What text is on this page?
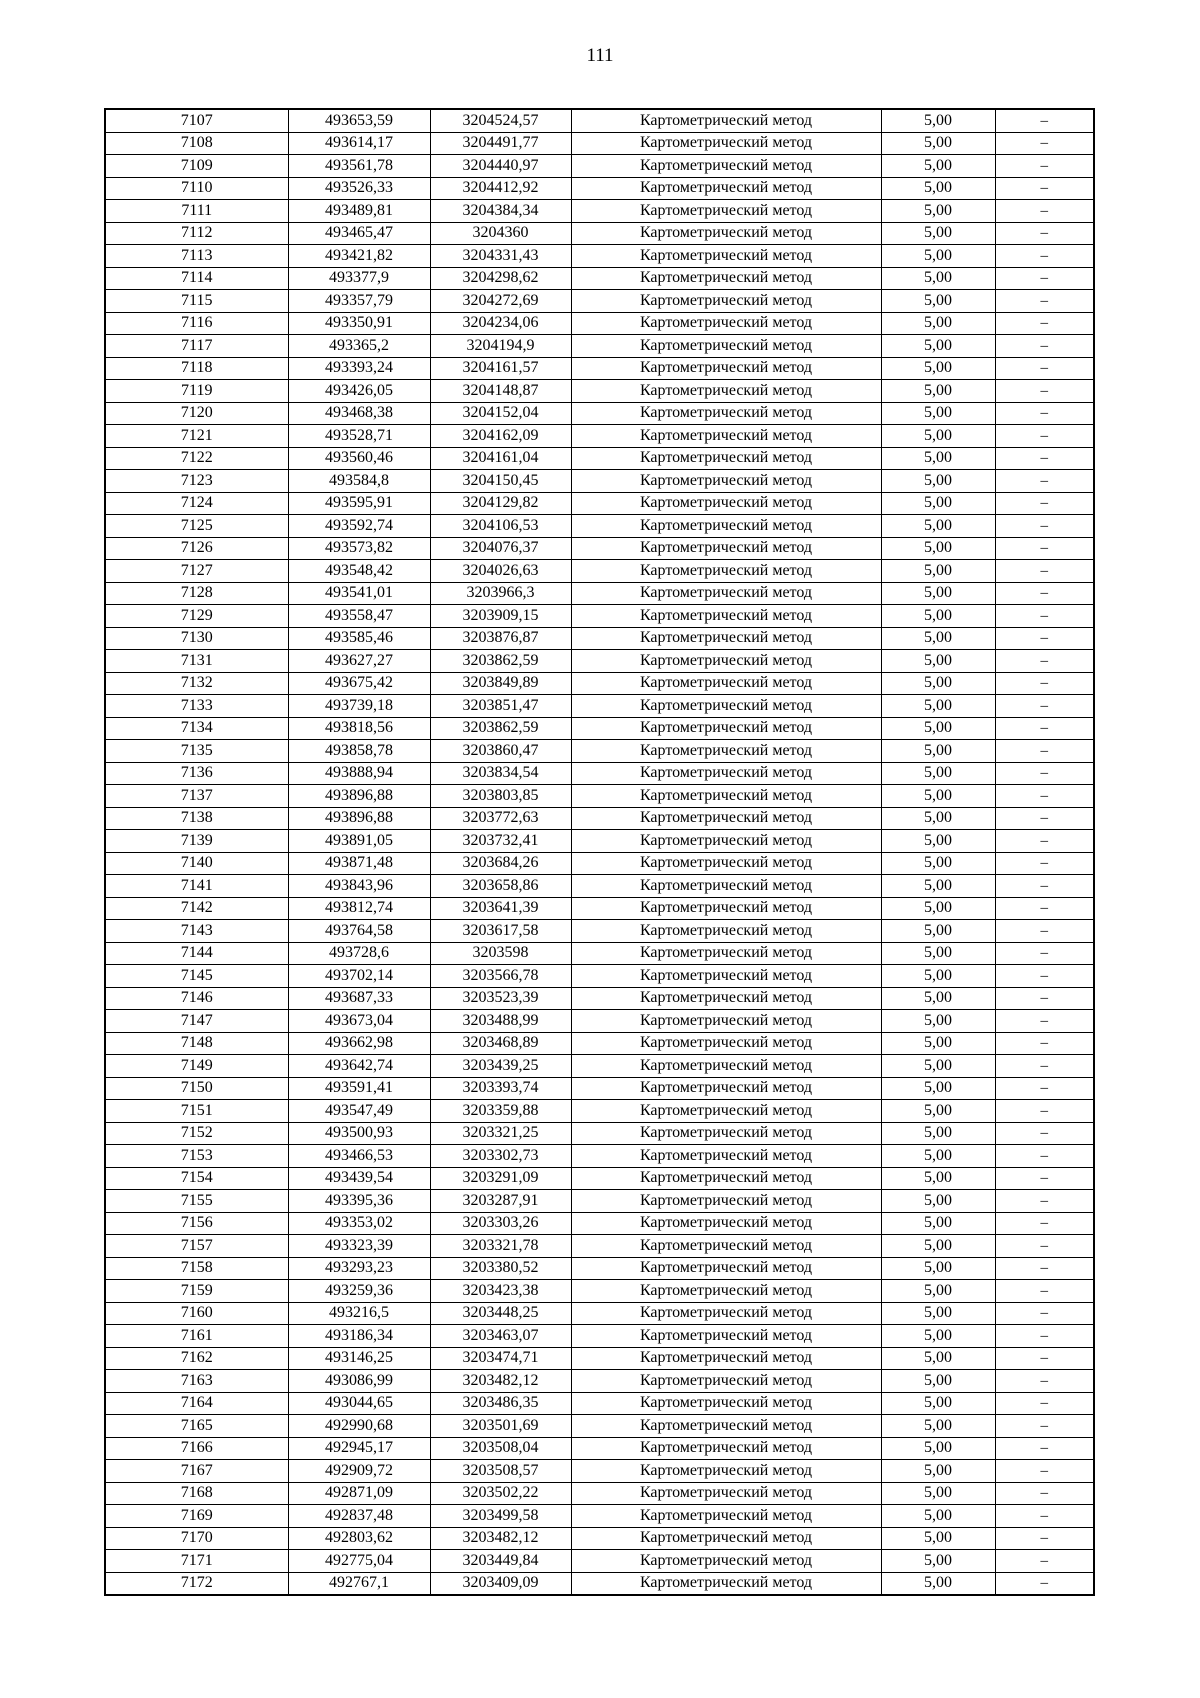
111
7107	493653,59	3204524,57	Картометрический метод	5,00	–
7108	493614,17	3204491,77	Картометрический метод	5,00	–
7109	493561,78	3204440,97	Картометрический метод	5,00	–
7110	493526,33	3204412,92	Картометрический метод	5,00	–
7111	493489,81	3204384,34	Картометрический метод	5,00	–
7112	493465,47	3204360	Картометрический метод	5,00	–
7113	493421,82	3204331,43	Картометрический метод	5,00	–
7114	493377,9	3204298,62	Картометрический метод	5,00	–
7115	493357,79	3204272,69	Картометрический метод	5,00	–
7116	493350,91	3204234,06	Картометрический метод	5,00	–
7117	493365,2	3204194,9	Картометрический метод	5,00	–
7118	493393,24	3204161,57	Картометрический метод	5,00	–
7119	493426,05	3204148,87	Картометрический метод	5,00	–
7120	493468,38	3204152,04	Картометрический метод	5,00	–
7121	493528,71	3204162,09	Картометрический метод	5,00	–
7122	493560,46	3204161,04	Картометрический метод	5,00	–
7123	493584,8	3204150,45	Картометрический метод	5,00	–
7124	493595,91	3204129,82	Картометрический метод	5,00	–
7125	493592,74	3204106,53	Картометрический метод	5,00	–
7126	493573,82	3204076,37	Картометрический метод	5,00	–
7127	493548,42	3204026,63	Картометрический метод	5,00	–
7128	493541,01	3203966,3	Картометрический метод	5,00	–
7129	493558,47	3203909,15	Картометрический метод	5,00	–
7130	493585,46	3203876,87	Картометрический метод	5,00	–
7131	493627,27	3203862,59	Картометрический метод	5,00	–
7132	493675,42	3203849,89	Картометрический метод	5,00	–
7133	493739,18	3203851,47	Картометрический метод	5,00	–
7134	493818,56	3203862,59	Картометрический метод	5,00	–
7135	493858,78	3203860,47	Картометрический метод	5,00	–
7136	493888,94	3203834,54	Картометрический метод	5,00	–
7137	493896,88	3203803,85	Картометрический метод	5,00	–
7138	493896,88	3203772,63	Картометрический метод	5,00	–
7139	493891,05	3203732,41	Картометрический метод	5,00	–
7140	493871,48	3203684,26	Картометрический метод	5,00	–
7141	493843,96	3203658,86	Картометрический метод	5,00	–
7142	493812,74	3203641,39	Картометрический метод	5,00	–
7143	493764,58	3203617,58	Картометрический метод	5,00	–
7144	493728,6	3203598	Картометрический метод	5,00	–
7145	493702,14	3203566,78	Картометрический метод	5,00	–
7146	493687,33	3203523,39	Картометрический метод	5,00	–
7147	493673,04	3203488,99	Картометрический метод	5,00	–
7148	493662,98	3203468,89	Картометрический метод	5,00	–
7149	493642,74	3203439,25	Картометрический метод	5,00	–
7150	493591,41	3203393,74	Картометрический метод	5,00	–
7151	493547,49	3203359,88	Картометрический метод	5,00	–
7152	493500,93	3203321,25	Картометрический метод	5,00	–
7153	493466,53	3203302,73	Картометрический метод	5,00	–
7154	493439,54	3203291,09	Картометрический метод	5,00	–
7155	493395,36	3203287,91	Картометрический метод	5,00	–
7156	493353,02	3203303,26	Картометрический метод	5,00	–
7157	493323,39	3203321,78	Картометрический метод	5,00	–
7158	493293,23	3203380,52	Картометрический метод	5,00	–
7159	493259,36	3203423,38	Картометрический метод	5,00	–
7160	493216,5	3203448,25	Картометрический метод	5,00	–
7161	493186,34	3203463,07	Картометрический метод	5,00	–
7162	493146,25	3203474,71	Картометрический метод	5,00	–
7163	493086,99	3203482,12	Картометрический метод	5,00	–
7164	493044,65	3203486,35	Картометрический метод	5,00	–
7165	492990,68	3203501,69	Картометрический метод	5,00	–
7166	492945,17	3203508,04	Картометрический метод	5,00	–
7167	492909,72	3203508,57	Картометрический метод	5,00	–
7168	492871,09	3203502,22	Картометрический метод	5,00	–
7169	492837,48	3203499,58	Картометрический метод	5,00	–
7170	492803,62	3203482,12	Картометрический метод	5,00	–
7171	492775,04	3203449,84	Картометрический метод	5,00	–
7172	492767,1	3203409,09	Картометрический метод	5,00	–
